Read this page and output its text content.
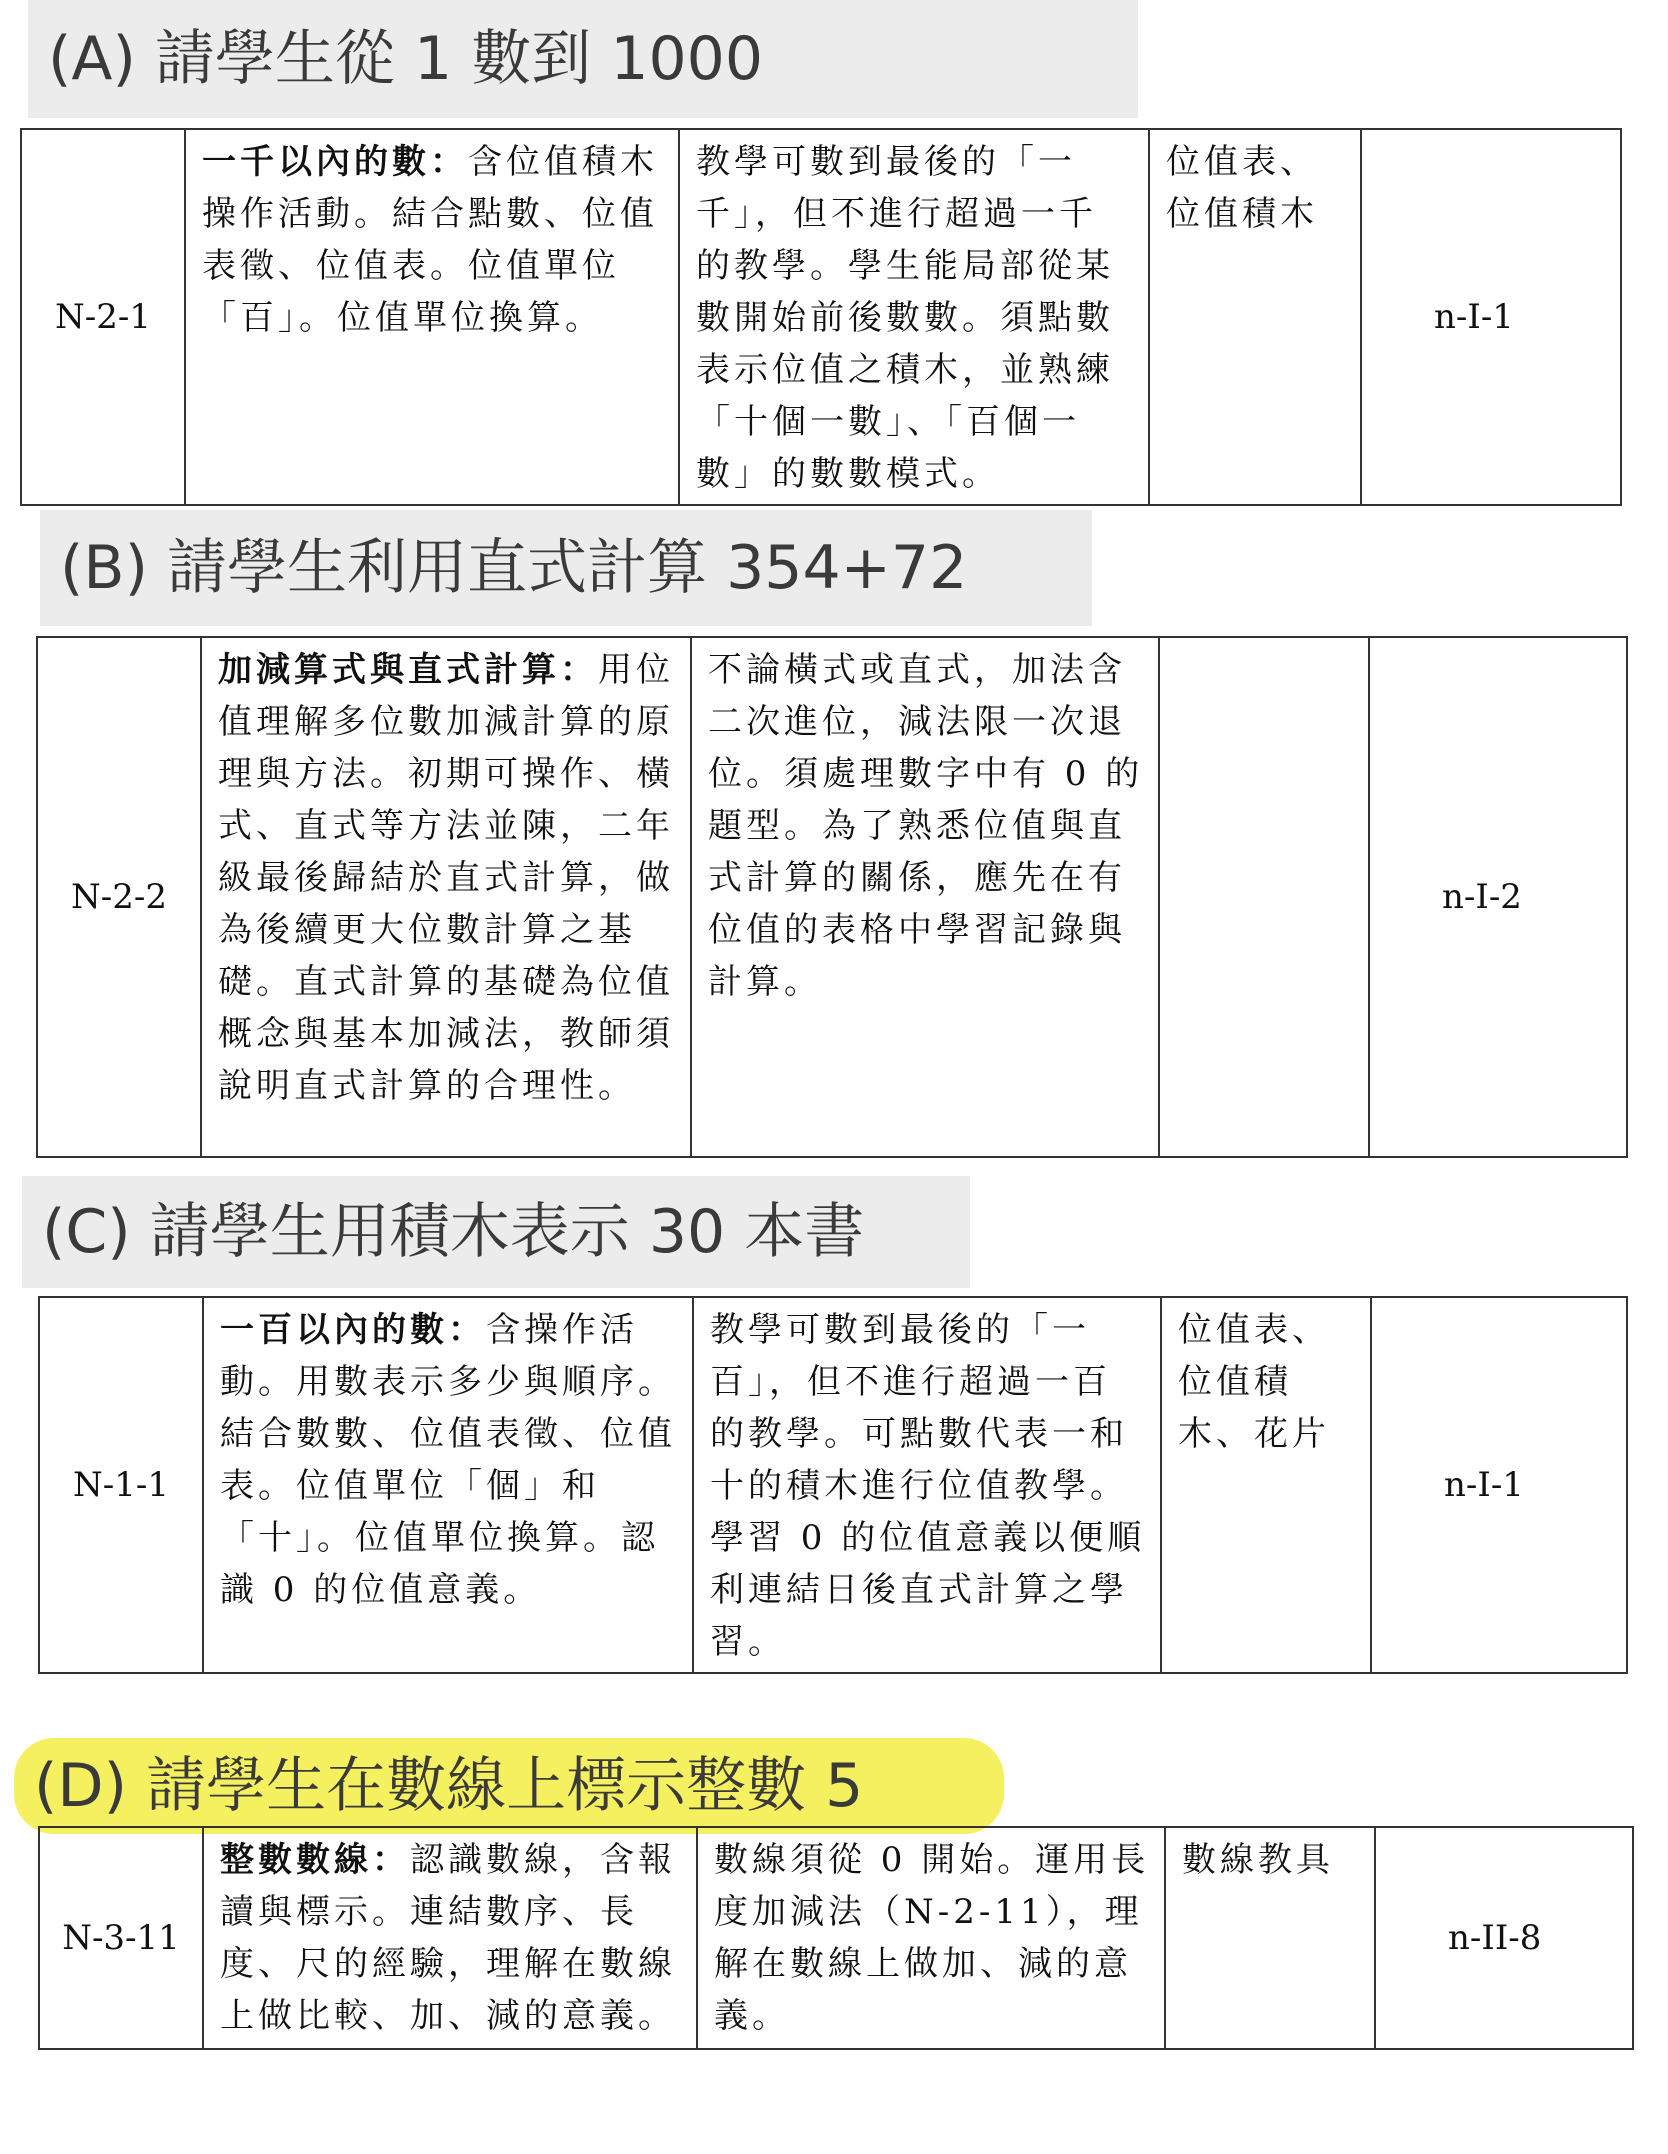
(A) 請學生從 1 數到 1000
N-2-1	一千以內的數：含位值積木操作活動。結合點數、位值表徵、位值表。位值單位「百」。位值單位換算。	教學可數到最後的「一千」，但不進行超過一千的教學。學生能局部從某數開始前後數數。須點數表示位值之積木，並熟練「十個一數」、「百個一數」的數數模式。	位值表、位值積木	n-I-1
(B) 請學生利用直式計算 354+72
N-2-2	加減算式與直式計算：用位值理解多位數加減計算的原理與方法。初期可操作、橫式、直式等方法並陳，二年級最後歸結於直式計算，做為後續更大位數計算之基礎。直式計算的基礎為位值概念與基本加減法，教師須說明直式計算的合理性。	不論橫式或直式，加法含二次進位，減法限一次退位。須處理數字中有 0 的題型。為了熟悉位值與直式計算的關係，應先在有位值的表格中學習記錄與計算。		n-I-2
(C) 請學生用積木表示 30 本書
N-1-1	一百以內的數：含操作活動。用數表示多少與順序。結合數數、位值表徵、位值表。位值單位「個」和「十」。位值單位換算。認識 0 的位值意義。	教學可數到最後的「一百」，但不進行超過一百的教學。可點數代表一和十的積木進行位值教學。學習 0 的位值意義以便順利連結日後直式計算之學習。	位值表、位值積木、花片	n-I-1
(D) 請學生在數線上標示整數 5
N-3-11	整數數線：認識數線，含報讀與標示。連結數序、長度、尺的經驗，理解在數線上做比較、加、減的意義。	數線須從 0 開始。運用長度加減法（N-2-11），理解在數線上做加、減的意義。	數線教具	n-II-8
